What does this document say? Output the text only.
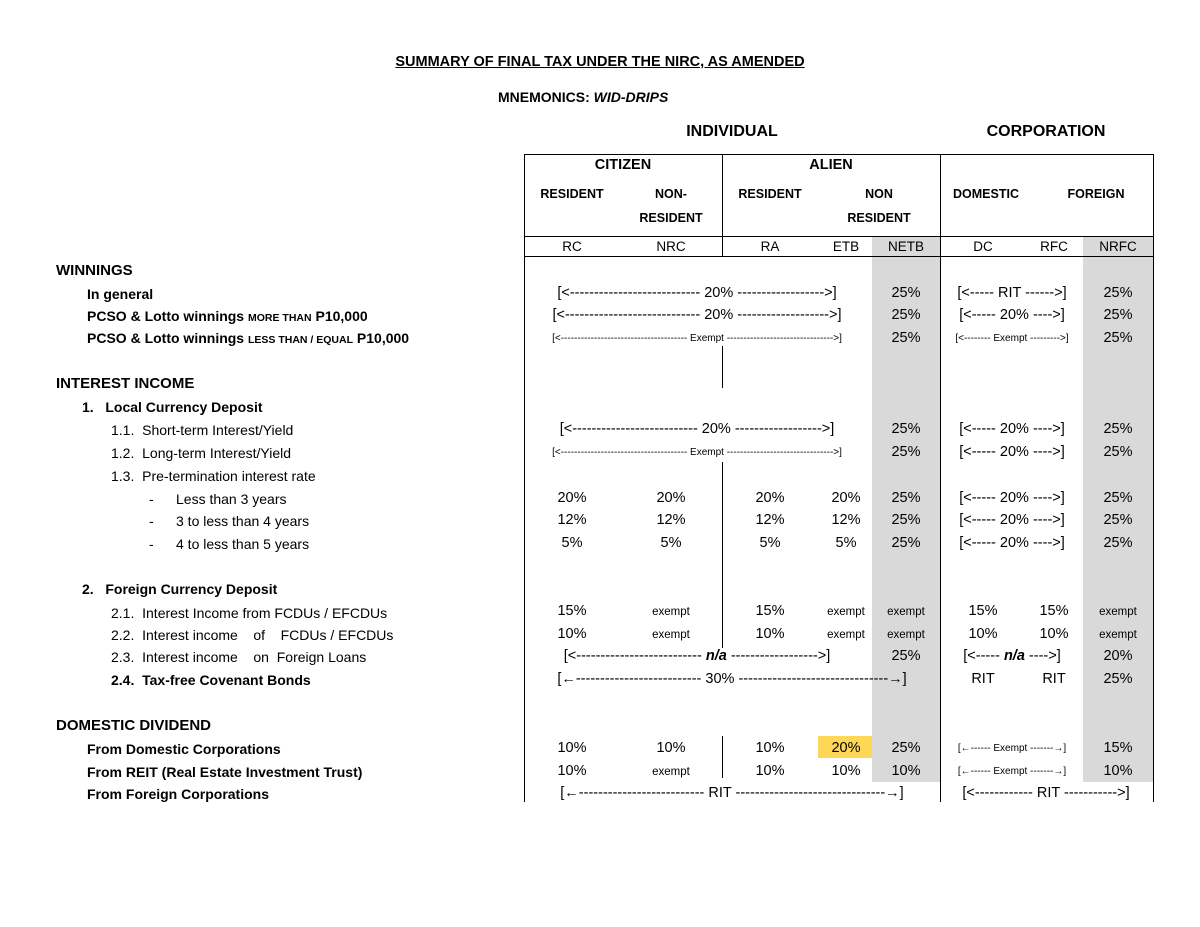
SUMMARY OF FINAL TAX UNDER THE NIRC, AS AMENDED
MNEMONICS: WID-DRIPS
INDIVIDUAL	CORPORATION
CITIZEN	ALIEN
RESIDENT	NON-
RESIDENT
RESIDENT	NON
RESIDENT
DOMESTIC	FOREIGN
RC	NRC	RA	ETB NETB	DC	RFC NRFC
WINNINGS
In general	[<--------------------------- 20% ------------------>]	25%	[<----- RIT ------>]	25%
PCSO & Lotto winnings MORE THAN P10,000	[<---------------------------- 20% ------------------->]	25%	[<----- 20% ---->]	25%
PCSO & Lotto winnings LESS THAN / EQUAL P10,000	[<-------------------------------------- Exempt -------------------------------->]	25%	[<-------- Exempt --------->] 25%
INTEREST INCOME
1.   Local Currency Deposit
1.1.  Short-term Interest/Yield	[<-------------------------- 20% ------------------>]	25%	[<----- 20% ---->]	25%
1.2.  Long-term Interest/Yield	[<-------------------------------------- Exempt -------------------------------->]	25%	[<----- 20% ---->]	25%
1.3.  Pre-termination interest rate
- Less than 3 years	20%	20%	20%	20% 25%	[<----- 20% ---->]	25%
- 3 to less than 4 years	12%	12%	12%	12% 25%	[<----- 20% ---->]	25%
- 4 to less than 5 years	5%	5%	5%	5% 25%	[<----- 20% ---->]	25%
2.   Foreign Currency Deposit
2.1.  Interest Income from FCDUs / EFCDUs	15%	exempt	15%	exempt exempt	15%	15%	exempt
2.2.  Interest income    of    FCDUs / EFCDUs	10%	exempt	10%	exempt exempt	10%	10%	exempt
2.3.  Interest income    on  Foreign Loans	[<-------------------------- n/a ------------------>]	25%	[<----- n/a ---->]	20%
2.4.  Tax-free Covenant Bonds	[←-------------------------- 30% -------------------------------→]	RIT	RIT	25%
DOMESTIC DIVIDEND
From Domestic Corporations	10%	10%	10%	20% 25%	[←------ Exempt -------→]	15%
From REIT (Real Estate Investment Trust)	10%	exempt	10%	10% 10%	[←------ Exempt -------→]	10%
From Foreign Corporations	[←-------------------------- RIT -------------------------------→]	[<------------ RIT ----------->]
